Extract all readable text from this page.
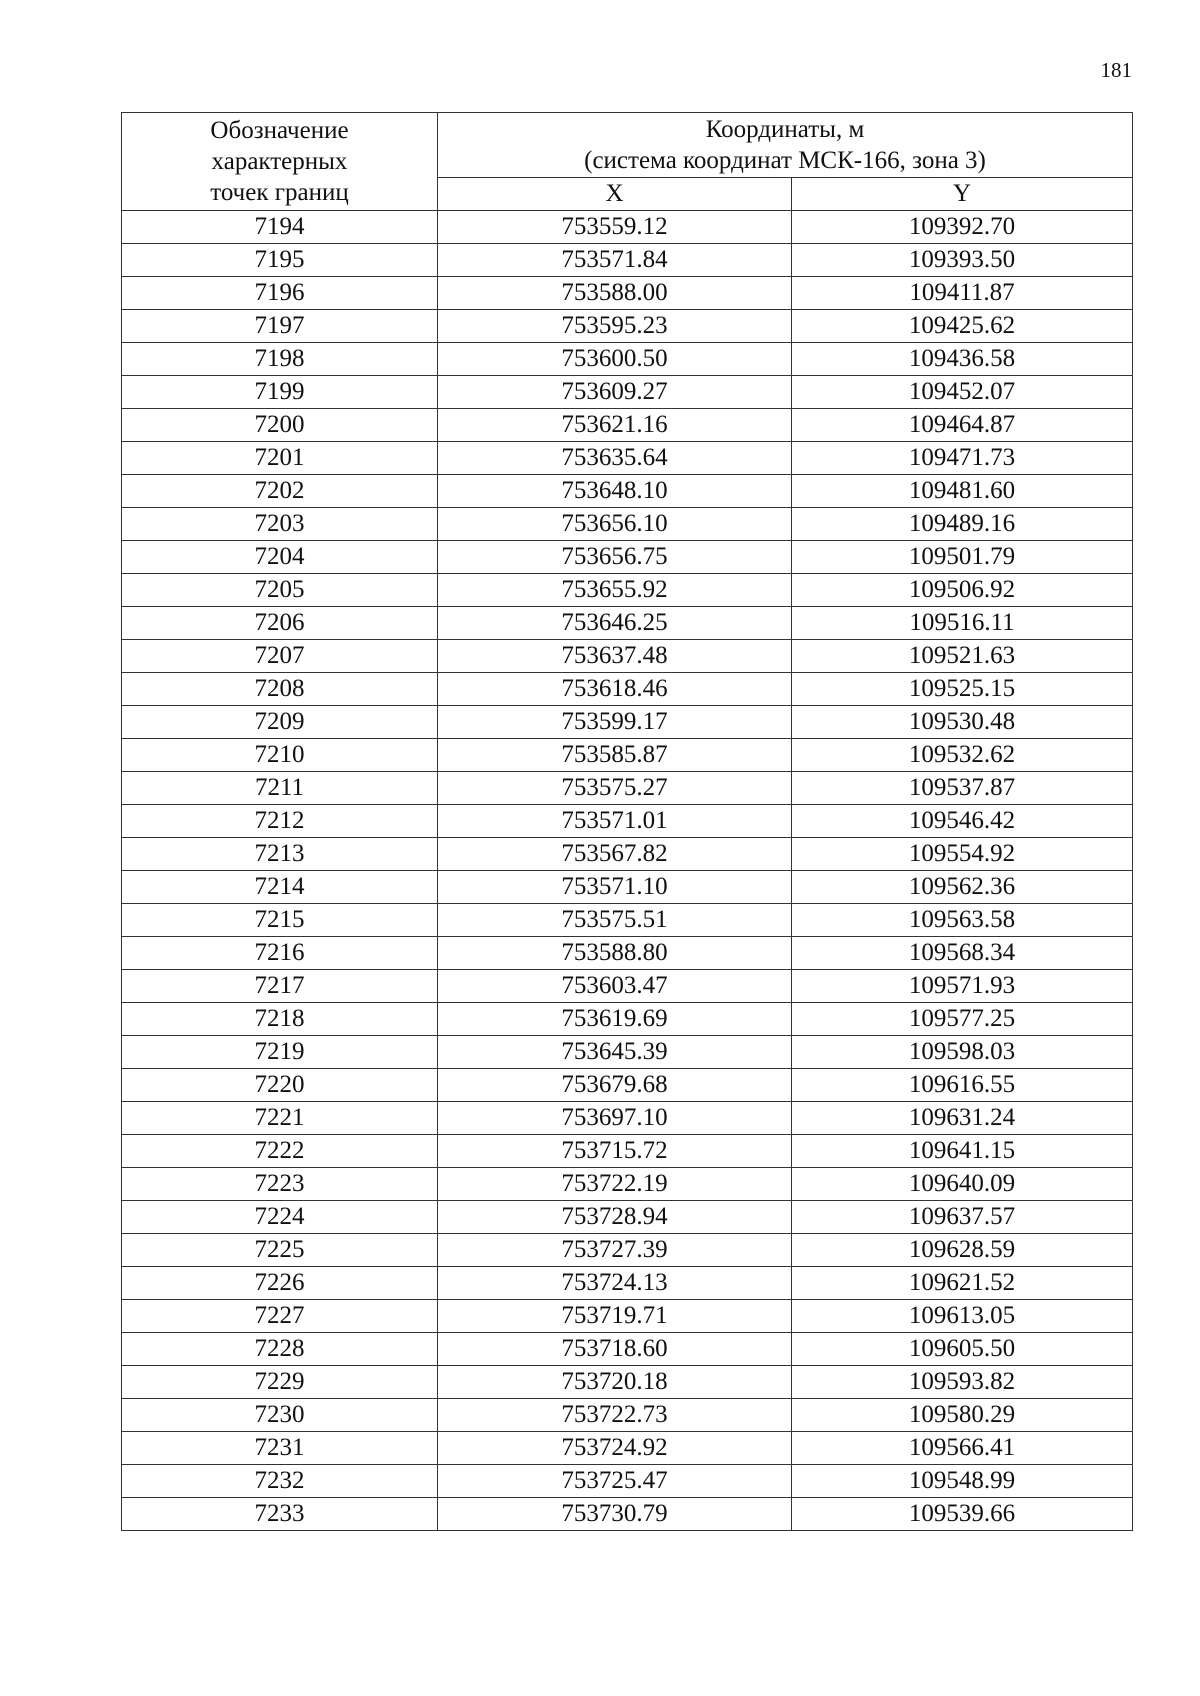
181
Обозначение
характерных
точек границ	Координаты, м
(система координат МСК-166, зона 3)	

	X	Y
7194	753559.12	109392.70
7195	753571.84	109393.50
7196	753588.00	109411.87
7197	753595.23	109425.62
7198	753600.50	109436.58
7199	753609.27	109452.07
7200	753621.16	109464.87
7201	753635.64	109471.73
7202	753648.10	109481.60
7203	753656.10	109489.16
7204	753656.75	109501.79
7205	753655.92	109506.92
7206	753646.25	109516.11
7207	753637.48	109521.63
7208	753618.46	109525.15
7209	753599.17	109530.48
7210	753585.87	109532.62
7211	753575.27	109537.87
7212	753571.01	109546.42
7213	753567.82	109554.92
7214	753571.10	109562.36
7215	753575.51	109563.58
7216	753588.80	109568.34
7217	753603.47	109571.93
7218	753619.69	109577.25
7219	753645.39	109598.03
7220	753679.68	109616.55
7221	753697.10	109631.24
7222	753715.72	109641.15
7223	753722.19	109640.09
7224	753728.94	109637.57
7225	753727.39	109628.59
7226	753724.13	109621.52
7227	753719.71	109613.05
7228	753718.60	109605.50
7229	753720.18	109593.82
7230	753722.73	109580.29
7231	753724.92	109566.41
7232	753725.47	109548.99
7233	753730.79	109539.66
